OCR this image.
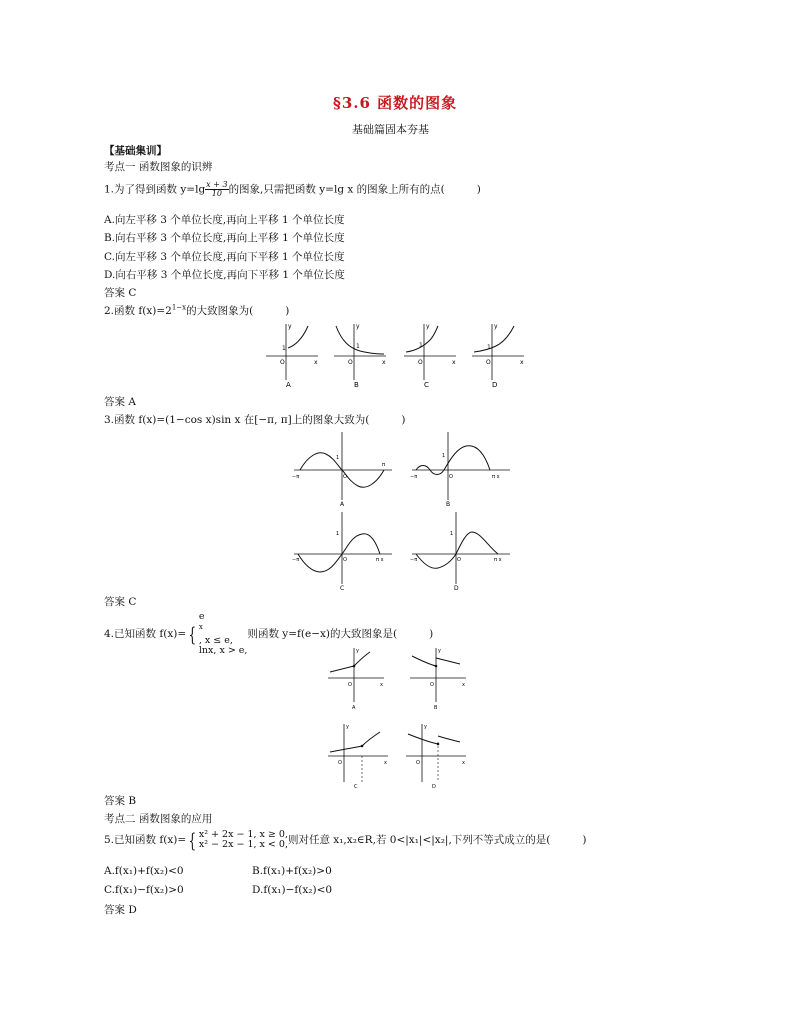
§3.6 函数的图象
基础篇固本夯基
【基础集训】
考点一 函数图象的识辨
1.为了得到函数 $y=\lg \frac{x + 3}{10}$ 的图象,只需把函数 y=lg x 的图象上所有的点(	)
A.向左平移 3 个单位长度,再向上平移 1 个单位长度
B.向右平移 3 个单位长度,再向上平移 1 个单位长度
C.向左平移 3 个单位长度,再向下平移 1 个单位长度
D.向右平移 3 个单位长度,再向下平移 1 个单位长度
答案 C
2.函数 $f(x)=2^{1-x}$的大致图象为(	)
x
y
O
1
A
x
y
O
1
B
x
y
O
1
C
x
y
O
1
D
答案 A
3.函数 f(x)=(1−cos x)sin x 在[−π, π]上的图象大致为(	)
−π
π
1
O
A
−π	π x
1
O
B
−π	π x
1
O
C
−π	π x
1
O
D
答案 C
4.已知函数 f(x)= {
e
$^x$
, x ≤ e,
lnx, x > e,
则函数 y=f(e−x)的大致图象是(	)
x
y
O
A
x
y
O
B
x
y
O
C
x
y
O
D
答案 B
考点二 函数图象的应用
5.已知函数 f(x)= { x² + 2x − 1, x ≥ 0,
x² − 2x − 1, x < 0, 则对任意 x₁,x₂∈R,若 0<|x₁|<|x₂|,下列不等式成立的是(	)
A.f(x₁)+f(x₂)<0	B.f(x₁)+f(x₂)>0
C.f(x₁)−f(x₂)>0	D.f(x₁)−f(x₂)<0
答案 D
